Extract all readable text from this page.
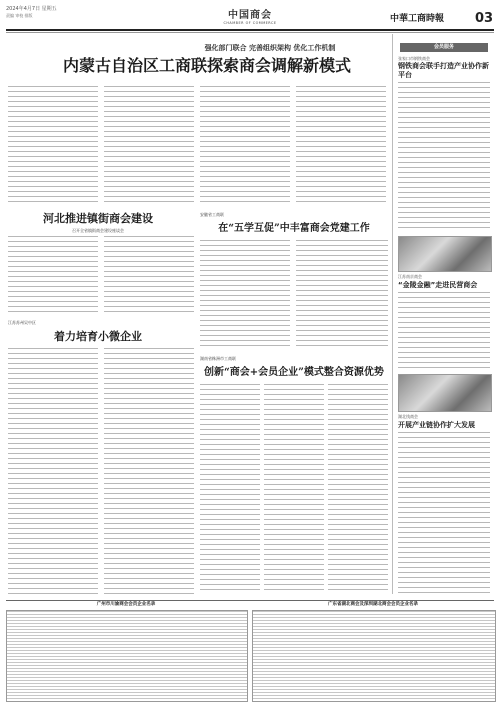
2024年4月7日 星期五
责编 审校 排版	中国商会
CHAMBER OF COMMERCE	中華工商時報 03
强化部门联合 完善组织架构 优化工作机制
内蒙古自治区工商联探索商会调解新模式
河北推进镇街商会建设
召开全省镇街商会建设座谈会
江苏苏州吴中区
着力培育小微企业
安徽省工商联
在“五学互促”中丰富商会党建工作
湖南省株洲市工商联
创新“商会+会员企业”模式整合资源优势
会员服务
张家口市钢铁商会
钢铁商会联手打造产业协作新平台
江苏南京商会
“金陵金融”走进民营商会
湖北钱商会
开展产业链协作扩大发展
广州市川渝商会会员企业名录	广东省湖北商会及深圳湖北商会会员企业名录
